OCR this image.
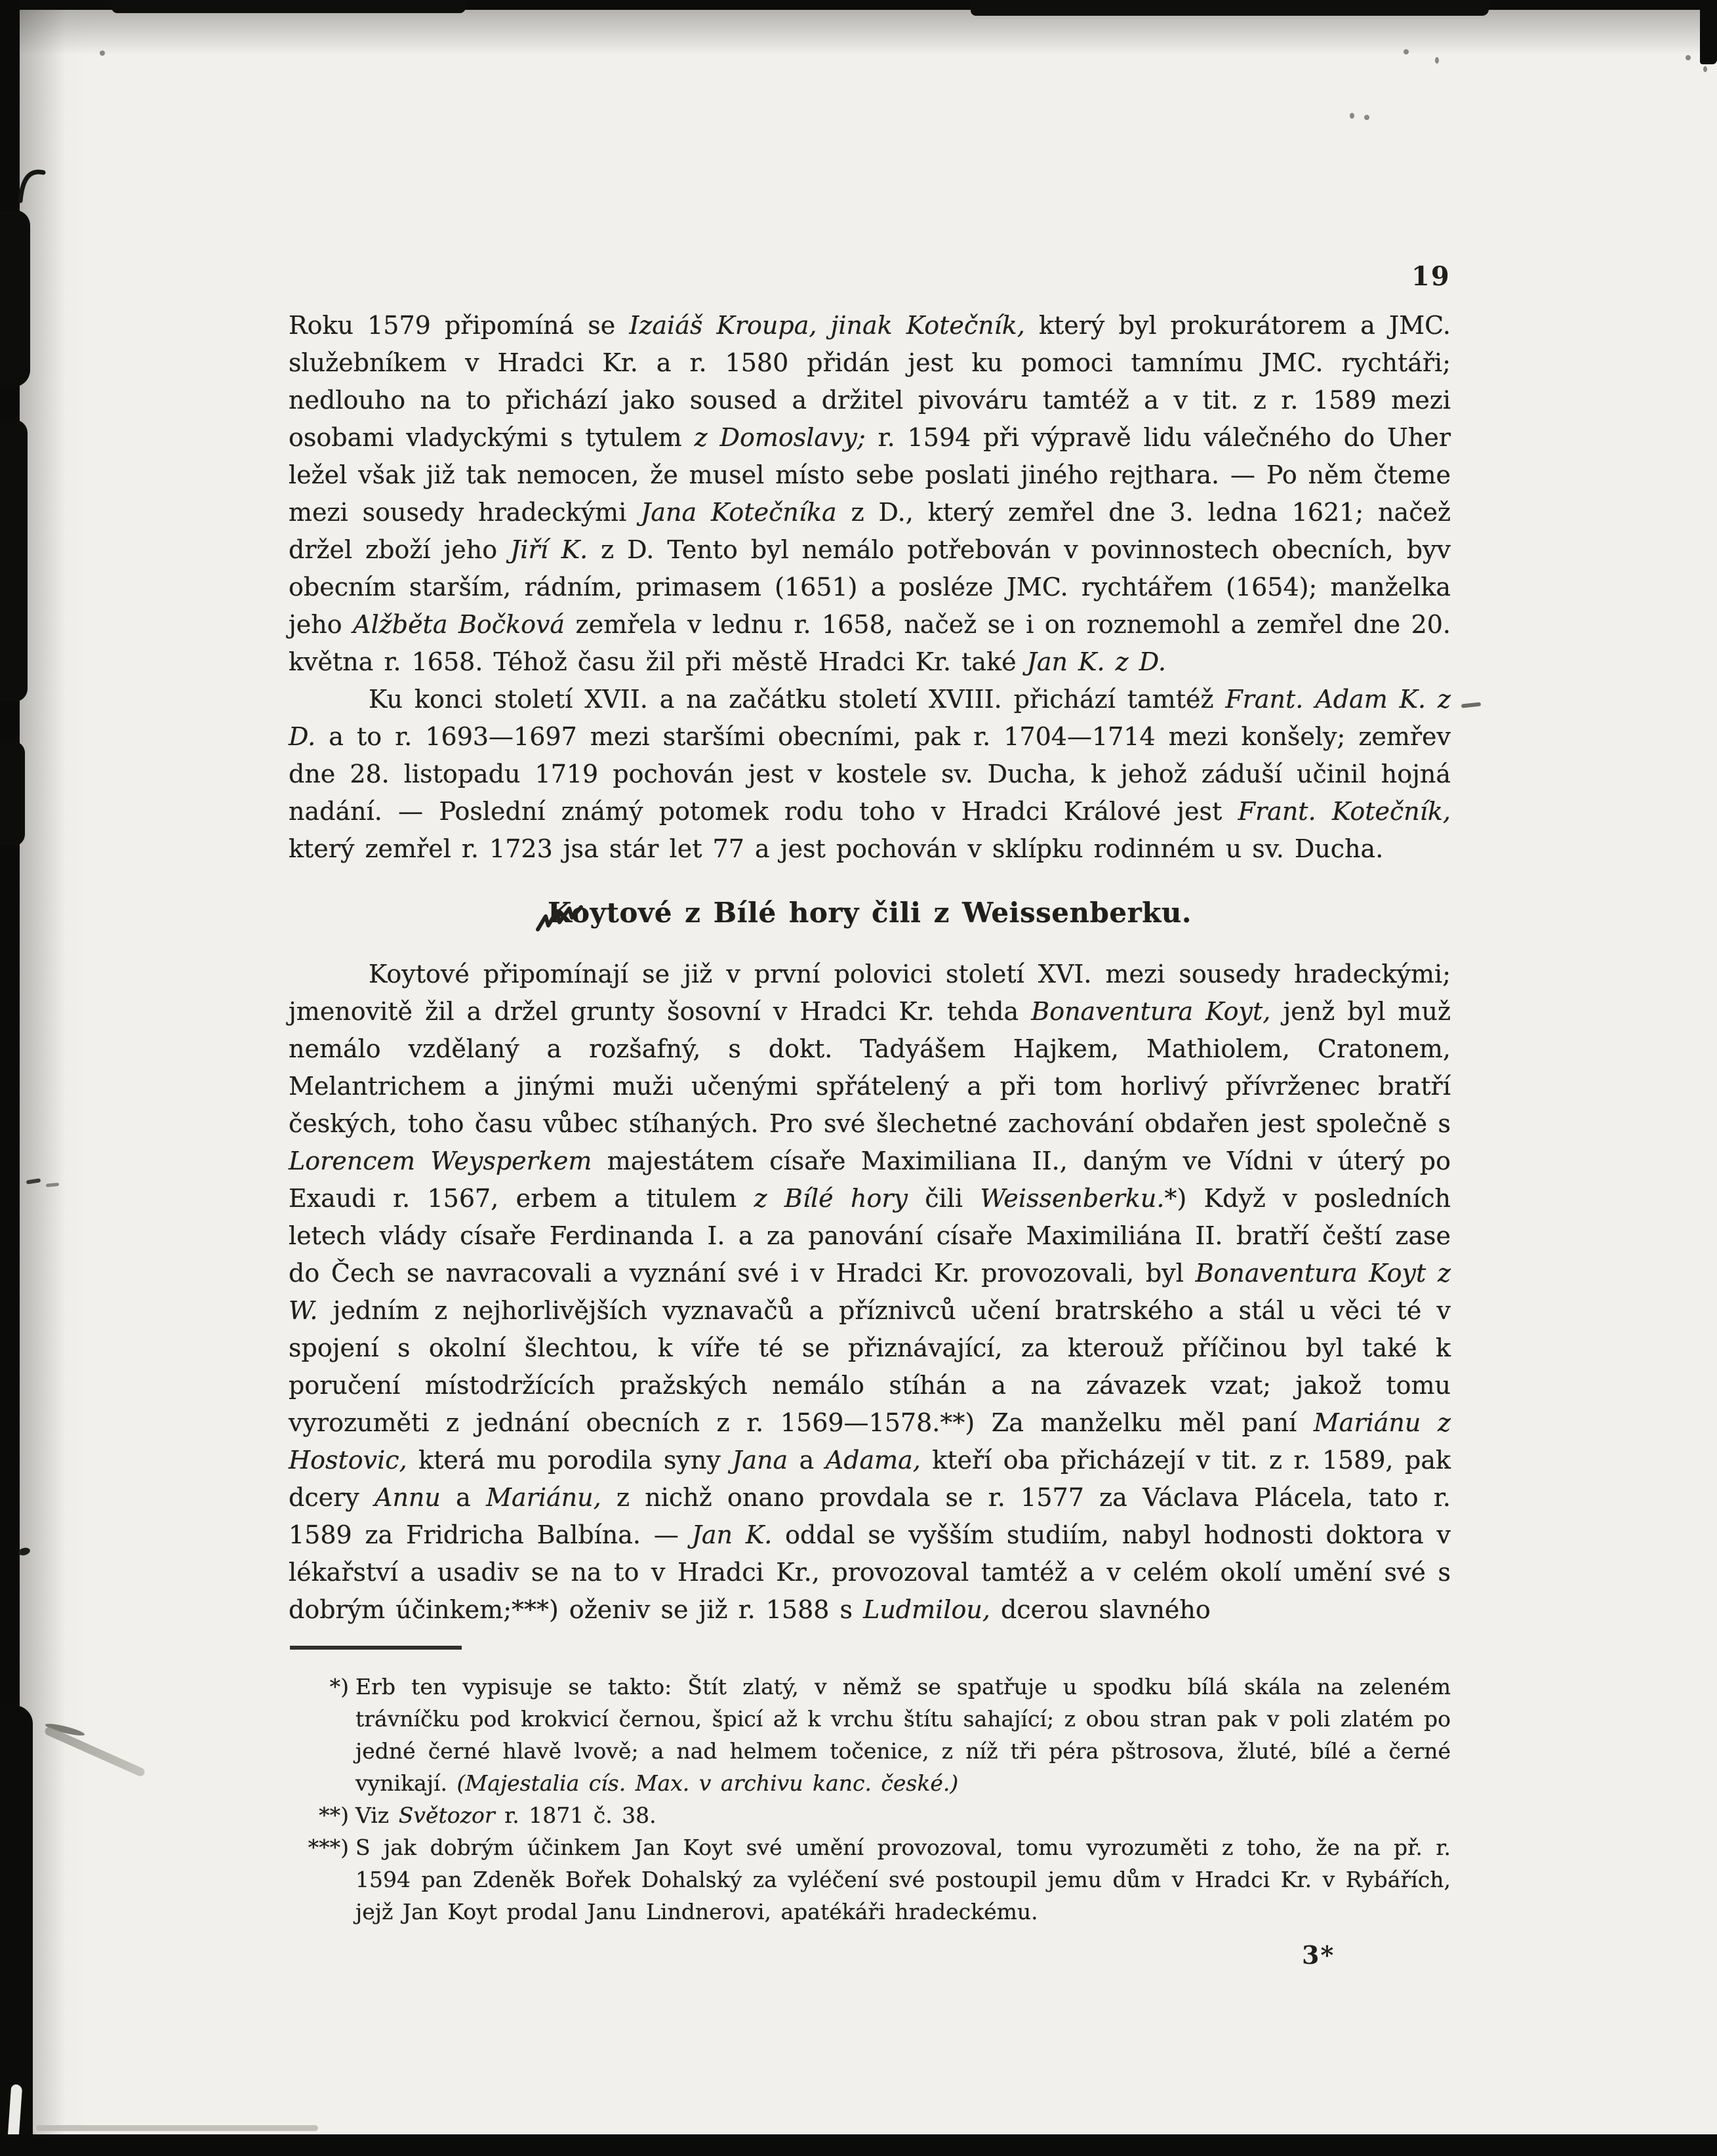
19

Roku 1579 připomíná se Izaiáš Kroupa, jinak Kotečník, který byl prokurátorem a JMC. služebníkem v Hradci Kr. a r. 1580 přidán jest ku pomoci tamnímu JMC. rychtáři; nedlouho na to přichází jako soused a držitel pivováru tamtéž a v tit. z r. 1589 mezi osobami vladyckými s tytulem z Domoslavy; r. 1594 při výpravě lidu válečného do Uher ležel však již tak nemocen, že musel místo sebe poslati jiného rejthara. — Po něm čteme mezi sousedy hradeckými Jana Kotečníka z D., který zemřel dne 3. ledna 1621; načež držel zboží jeho Jiří K. z D. Tento byl nemálo potřebován v povinnostech obecních, byv obecním starším, rádním, primasem (1651) a posléze JMC. rychtářem (1654); manželka jeho Alžběta Bočková zemřela v lednu r. 1658, načež se i on roznemohl a zemřel dne 20. května r. 1658. Téhož času žil při městě Hradci Kr. také Jan K. z D.

Ku konci století XVII. a na začátku století XVIII. přichází tamtéž Frant. Adam K. z D. a to r. 1693—1697 mezi staršími obecními, pak r. 1704—1714 mezi konšely; zemřev dne 28. listopadu 1719 pochován jest v kostele sv. Ducha, k jehož záduší učinil hojná nadání. — Poslední známý potomek rodu toho v Hradci Králové jest Frant. Kotečník, který zemřel r. 1723 jsa stár let 77 a jest pochován v sklípku rodinném u sv. Ducha.

Koytové z Bílé hory čili z Weissenberku.

Koytové připomínají se již v první polovici století XVI. mezi sousedy hradeckými; jmenovitě žil a držel grunty šosovní v Hradci Kr. tehda Bonaventura Koyt, jenž byl muž nemálo vzdělaný a rozšafný, s dokt. Tadyášem Hajkem, Mathiolem, Cratonem, Melantrichem a jinými muži učenými spřátelený a při tom horlivý přívrženec bratří českých, toho času vůbec stíhaných. Pro své šlechetné zachování obdařen jest společně s Lorencem Weysperkem majestátem císaře Maximiliana II., daným ve Vídni v úterý po Exaudi r. 1567, erbem a titulem z Bílé hory čili Weissenberku.*) Když v posledních letech vlády císaře Ferdinanda I. a za panování císaře Maximiliána II. bratří čeští zase do Čech se navracovali a vyznání své i v Hradci Kr. provozovali, byl Bonaventura Koyt z W. jedním z nejhorlivějších vyznavačů a příznivců učení bratrského a stál u věci té v spojení s okolní šlechtou, k víře té se přiznávající, za kterouž příčinou byl také k poručení místodržících pražských nemálo stíhán a na závazek vzat; jakož tomu vyrozuměti z jednání obecních z r. 1569—1578.**) Za manželku měl paní Mariánu z Hostovic, která mu porodila syny Jana a Adama, kteří oba přicházejí v tit. z r. 1589, pak dcery Annu a Mariánu, z nichž onano provdala se r. 1577 za Václava Plácela, tato r. 1589 za Fridricha Balbína. — Jan K. oddal se vyšším studiím, nabyl hodnosti doktora v lékařství a usadiv se na to v Hradci Kr., provozoval tamtéž a v celém okolí umění své s dobrým účinkem;***) oženiv se již r. 1588 s Ludmilou, dcerou slavného

*) Erb ten vypisuje se takto: Štít zlatý, v němž se spatřuje u spodku bílá skála na zeleném trávníčku pod krokvicí černou, špicí až k vrchu štítu sahající; z obou stran pak v poli zlatém po jedné černé hlavě lvově; a nad helmem točenice, z níž tři péra pštrosova, žluté, bílé a černé vynikají. (Majestalia cís. Max. v archivu kanc. české.)

**) Viz Světozor r. 1871 č. 38.

***) S jak dobrým účinkem Jan Koyt své umění provozoval, tomu vyrozuměti z toho, že na př. r. 1594 pan Zdeněk Bořek Dohalský za vyléčení své postoupil jemu dům v Hradci Kr. v Rybářích, jejž Jan Koyt prodal Janu Lindnerovi, apatékáři hradeckému.

3*
